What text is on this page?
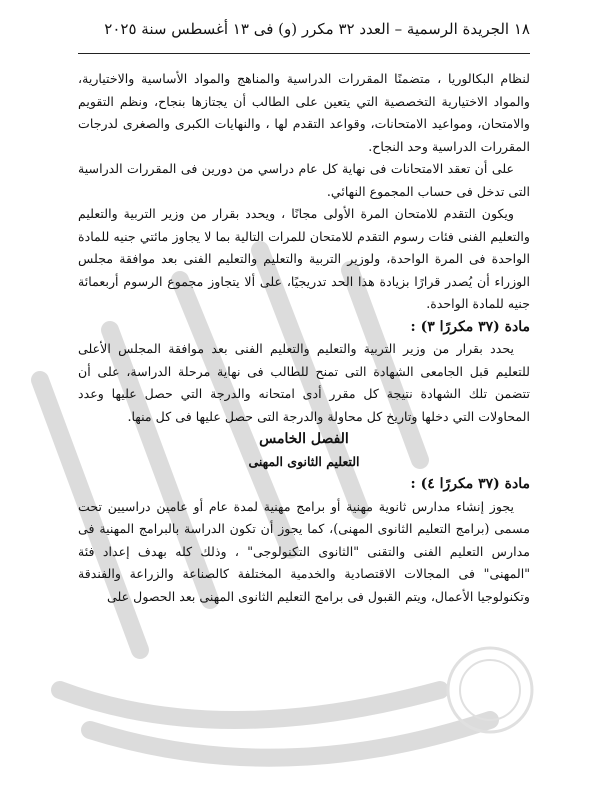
١٨ الجريدة الرسمية – العدد ٣٢ مكرر (و) فى ١٣ أغسطس سنة ٢٠٢٥

لنظام البكالوريا ، متضمنًا المقررات الدراسية والمناهج والمواد الأساسية والاختيارية، والمواد الاختيارية التخصصية التي يتعين على الطالب أن يجتازها بنجاح، ونظم التقويم والامتحان، ومواعيد الامتحانات، وقواعد التقدم لها ، والنهايات الكبرى والصغرى لدرجات المقررات الدراسية وحد النجاح.

على أن تعقد الامتحانات فى نهاية كل عام دراسي من دورين فى المقررات الدراسية التى تدخل فى حساب المجموع النهائي.

ويكون التقدم للامتحان المرة الأولى مجانًا ، ويحدد بقرار من وزير التربية والتعليم والتعليم الفنى فئات رسوم التقدم للامتحان للمرات التالية بما لا يجاوز مائتي جنيه للمادة الواحدة فى المرة الواحدة، ولوزير التربية والتعليم والتعليم الفنى بعد موافقة مجلس الوزراء أن يُصدر قرارًا بزيادة هذا الحد تدريجيًا، على ألا يتجاوز مجموع الرسوم أربعمائة جنيه للمادة الواحدة.

مادة (٣٧ مكررًا ٣) :

يحدد بقرار من وزير التربية والتعليم والتعليم الفنى بعد موافقة المجلس الأعلى للتعليم قبل الجامعى الشهادة التى تمنح للطالب فى نهاية مرحلة الدراسة، على أن تتضمن تلك الشهادة نتيجة كل مقرر أدى امتحانه والدرجة التي حصل عليها وعدد المحاولات التي دخلها وتاريخ كل محاولة والدرجة التى حصل عليها فى كل منها.

الفصل الخامس

التعليم الثانوى المهنى

مادة (٣٧ مكررًا ٤) :

يجوز إنشاء مدارس ثانوية مهنية أو برامج مهنية لمدة عام أو عامين دراسيين تحت مسمى (برامج التعليم الثانوى المهنى)، كما يجوز أن تكون الدراسة بالبرامج المهنية فى مدارس التعليم الفنى والتقنى "الثانوى التكنولوجى" ، وذلك كله بهدف إعداد فئة "المهنى" فى المجالات الاقتصادية والخدمية المختلفة كالصناعة والزراعة والفندقة وتكنولوجيا الأعمال، ويتم القبول فى برامج التعليم الثانوى المهنى بعد الحصول على
